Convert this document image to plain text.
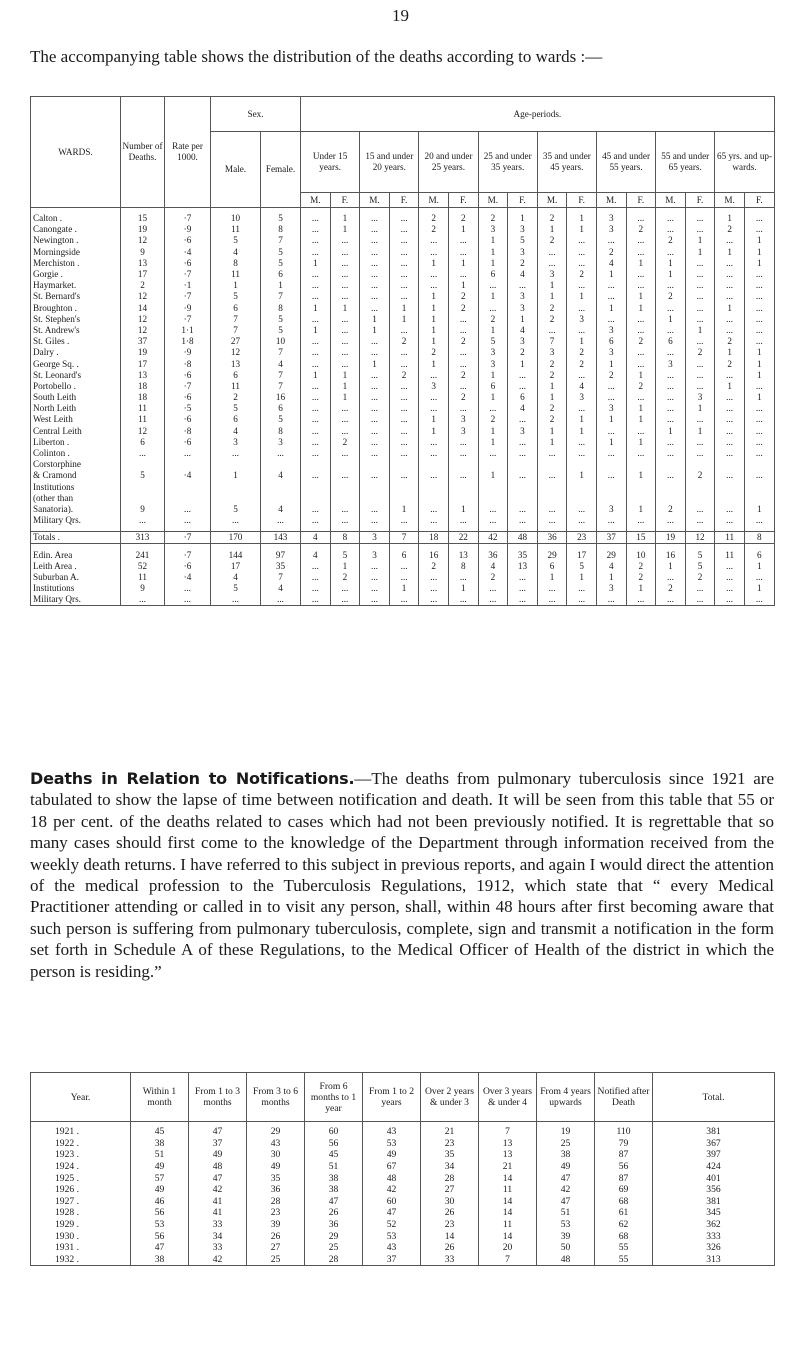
19
The accompanying table shows the distribution of the deaths according to wards :—
WARDS.	Number of Deaths.	Rate per 1000.	Sex.		Age-periods.															
			Male.	Female.	Under 15 years.		15 and under 20 years.		20 and under 25 years.		25 and under 35 years.		35 and under 45 years.		45 and under 55 years.		55 and under 65 years.		65 yrs. and up-wards.	
					M.	F.	M.	F.	M.	F.	M.	F.	M.	F.	M.	F.	M.	F.	M.	F.

Calton .	15	·7	10	5	...	1	...	...	2	2	2	1	2	1	3	...	...	...	1	...
Canongate .	19	·9	11	8	...	1	...	...	2	1	3	3	1	1	3	2	...	...	2	...
Newington .	12	·6	5	7	...	...	...	...	...	...	1	5	2	...	...	...	2	1	...	1
Morningside	9	·4	4	5	...	...	...	...	...	...	1	3	...	...	2	...	...	1	1	1
Merchiston .	13	·6	8	5	1	...	...	...	1	1	1	2	...	...	4	1	1	...	...	1
Gorgie .	17	·7	11	6	...	...	...	...	...	...	6	4	3	2	1	...	1	...	...	...
Haymarket.	2	·1	1	1	...	...	...	...	...	1	...	...	1	...	...	...	...	...	...	...
St. Bernard's	12	·7	5	7	...	...	...	...	1	2	1	3	1	1	...	1	2	...	...	...
Broughton .	14	·9	6	8	1	1	...	1	1	2	...	3	2	...	1	1	...	...	1	...
St. Stephen's	12	·7	7	5	...	...	1	1	1	...	2	1	2	3	...	...	1	...	...	...
St. Andrew's	12	1·1	7	5	1	...	1	...	1	...	1	4	...	...	3	...	...	1	...	...
St. Giles .	37	1·8	27	10	...	...	...	2	1	2	5	3	7	1	6	2	6	...	2	...
Dalry .	19	·9	12	7	...	...	...	...	2	...	3	2	3	2	3	...	...	2	1	1
George Sq. .	17	·8	13	4	...	...	1	...	1	...	3	1	2	2	1	...	3	...	2	1
St. Leonard's	13	·6	6	7	1	1	...	2	...	2	1	...	2	...	2	1	...	...	...	1
Portobello .	18	·7	11	7	...	1	...	...	3	...	6	...	1	4	...	2	...	...	1	...
South Leith	18	·6	2	16	...	1	...	...	...	2	1	6	1	3	...	...	...	3	...	1
North Leith	11	·5	5	6	...	...	...	...	...	...	...	4	2	...	3	1	...	1	...	...
West Leith	11	·6	6	5	...	...	...	...	1	3	2	...	2	1	1	1	...	...	...	...
Central Leith	12	·8	4	8	...	...	...	...	1	3	1	3	1	1	...	...	1	1	...	...
Liberton .	6	·6	3	3	...	2	...	...	...	...	1	...	1	...	1	1	...	...	...	...
Colinton .	...	...	...	...	...	...	...	...	...	...	...	...	...	...	...	...	...	...	...	...
Corstorphine																				
& Cramond	5	·4	1	4	...	...	...	...	...	...	1	...	...	1	...	1	...	2	...	...
Institutions																				
(other than																				
Sanatoria).	9	...	5	4	...	...	...	1	...	1	...	...	...	...	3	1	2	...	...	1
Military Qrs.	...	...	...	...	...	...	...	...	...	...	...	...	...	...	...	...	...	...	...	...

Totals .	313	·7	170	143	4	8	3	7	18	22	42	48	36	23	37	15	19	12	11	8

Edin. Area	241	·7	144	97	4	5	3	6	16	13	36	35	29	17	29	10	16	5	11	6
Leith Area .	52	·6	17	35	...	1	...	...	2	8	4	13	6	5	4	2	1	5	...	1
Suburban A.	11	·4	4	7	...	2	...	...	...	...	2	...	1	1	1	2	...	2	...	...
Institutions	9	...	5	4	...	...	...	1	...	1	...	...	...	...	3	1	2	...	...	1
Military Qrs.	...	...	...	...	...	...	...	...	...	...	...	...	...	...	...	...	...	...	...	...
Deaths in Relation to Notifications.—The deaths from pulmonary tuberculosis since 1921 are tabulated to show the lapse of time between notification and death. It will be seen from this table that 55 or 18 per cent. of the deaths related to cases which had not been previously notified. It is regrettable that so many cases should first come to the knowledge of the Department through information received from the weekly death returns. I have referred to this subject in previous reports, and again I would direct the attention of the medical profession to the Tuberculosis Regulations, 1912, which state that “ every Medical Practitioner attending or called in to visit any person, shall, within 48 hours after first becoming aware that such person is suffering from pulmonary tuberculosis, complete, sign and transmit a notification in the form set forth in Schedule A of these Regulations, to the Medical Officer of Health of the district in which the person is residing.”
Year.	Within 1 month	From 1 to 3 months	From 3 to 6 months	From 6 months to 1 year	From 1 to 2 years	Over 2 years & under 3	Over 3 years & under 4	From 4 years upwards	Notified after Death	Total.
1921 .	45	47	29	60	43	21	7	19	110	381
1922 .	38	37	43	56	53	23	13	25	79	367
1923 .	51	49	30	45	49	35	13	38	87	397
1924 .	49	48	49	51	67	34	21	49	56	424
1925 .	57	47	35	38	48	28	14	47	87	401
1926 .	49	42	36	38	42	27	11	42	69	356
1927 .	46	41	28	47	60	30	14	47	68	381
1928 .	56	41	23	26	47	26	14	51	61	345
1929 .	53	33	39	36	52	23	11	53	62	362
1930 .	56	34	26	29	53	14	14	39	68	333
1931 .	47	33	27	25	43	26	20	50	55	326
1932 .	38	42	25	28	37	33	7	48	55	313
